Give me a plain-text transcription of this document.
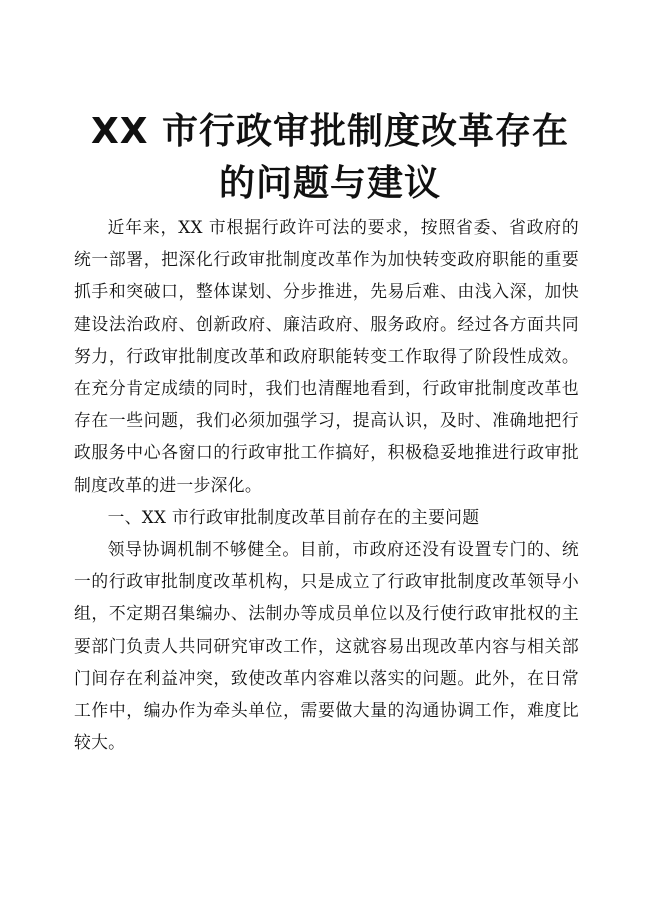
XX 市行政审批制度改革存在
的问题与建议

近年来，XX 市根据行政许可法的要求，按照省委、省政府的统一部署，把深化行政审批制度改革作为加快转变政府职能的重要抓手和突破口，整体谋划、分步推进，先易后难、由浅入深，加快建设法治政府、创新政府、廉洁政府、服务政府。经过各方面共同努力，行政审批制度改革和政府职能转变工作取得了阶段性成效。在充分肯定成绩的同时，我们也清醒地看到，行政审批制度改革也存在一些问题，我们必须加强学习，提高认识，及时、准确地把行政服务中心各窗口的行政审批工作搞好，积极稳妥地推进行政审批制度改革的进一步深化。

一、XX 市行政审批制度改革目前存在的主要问题

领导协调机制不够健全。目前，市政府还没有设置专门的、统一的行政审批制度改革机构，只是成立了行政审批制度改革领导小组，不定期召集编办、法制办等成员单位以及行使行政审批权的主要部门负责人共同研究审改工作，这就容易出现改革内容与相关部门间存在利益冲突，致使改革内容难以落实的问题。此外，在日常工作中，编办作为牵头单位，需要做大量的沟通协调工作，难度比较大。
